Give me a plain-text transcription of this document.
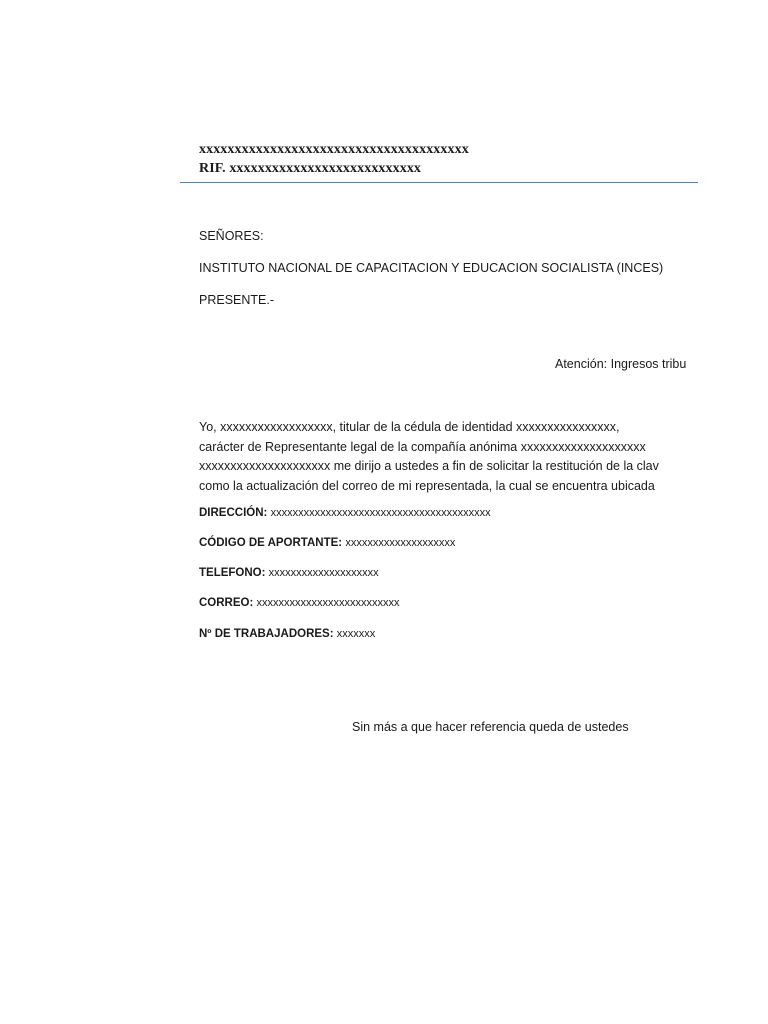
xxxxxxxxxxxxxxxxxxxxxxxxxxxxxxxxxxxxxx
RIF. xxxxxxxxxxxxxxxxxxxxxxxxxxx
SEÑORES:
INSTITUTO NACIONAL DE CAPACITACION Y EDUCACION SOCIALISTA (INCES)
PRESENTE.-
Atención: Ingresos tribu
Yo, xxxxxxxxxxxxxxxxxx, titular de la cédula de identidad xxxxxxxxxxxxxxxx,
carácter de Representante legal de la compañía anónima xxxxxxxxxxxxxxxxxxxx
xxxxxxxxxxxxxxxxxxxxx me dirijo a ustedes a fin de solicitar la restitución de la clav
como la actualización del correo de mi representada, la cual se encuentra ubicada
DIRECCIÓN: xxxxxxxxxxxxxxxxxxxxxxxxxxxxxxxxxxxxxxxx
CÓDIGO DE APORTANTE: xxxxxxxxxxxxxxxxxxxx
TELEFONO: xxxxxxxxxxxxxxxxxxxx
CORREO: xxxxxxxxxxxxxxxxxxxxxxxxxx
Nº DE TRABAJADORES: xxxxxxx
Sin más a que hacer referencia queda de ustedes
